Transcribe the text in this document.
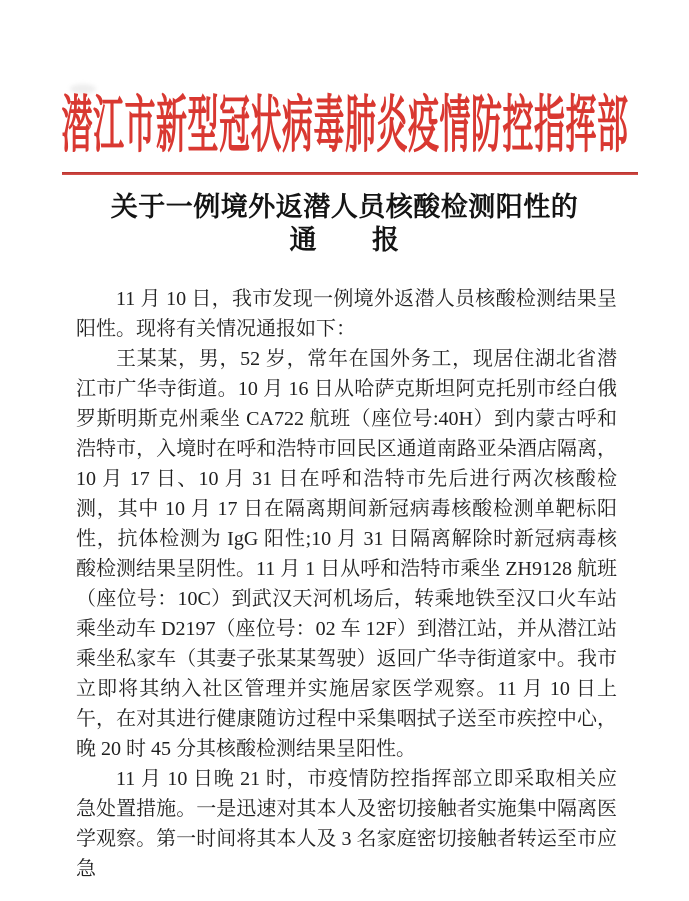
潜江市新型冠状病毒肺炎疫情防控指挥部
关于一例境外返潜人员核酸检测阳性的
通　　报

11 月 10 日，我市发现一例境外返潜人员核酸检测结果呈阳性。现将有关情况通报如下：

王某某，男，52 岁，常年在国外务工，现居住湖北省潜江市广华寺街道。10 月 16 日从哈萨克斯坦阿克托别市经白俄罗斯明斯克州乘坐 CA722 航班（座位号:40H）到内蒙古呼和浩特市，入境时在呼和浩特市回民区通道南路亚朵酒店隔离，10 月 17 日、10 月 31 日在呼和浩特市先后进行两次核酸检测，其中 10 月 17 日在隔离期间新冠病毒核酸检测单靶标阳性，抗体检测为 IgG 阳性;10 月 31 日隔离解除时新冠病毒核酸检测结果呈阴性。11 月 1 日从呼和浩特市乘坐 ZH9128 航班（座位号：10C）到武汉天河机场后，转乘地铁至汉口火车站乘坐动车 D2197（座位号：02 车 12F）到潜江站，并从潜江站乘坐私家车（其妻子张某某驾驶）返回广华寺街道家中。我市立即将其纳入社区管理并实施居家医学观察。11 月 10 日上午，在对其进行健康随访过程中采集咽拭子送至市疾控中心，晚 20 时 45 分其核酸检测结果呈阳性。

11 月 10 日晚 21 时，市疫情防控指挥部立即采取相关应急处置措施。一是迅速对其本人及密切接触者实施集中隔离医学观察。第一时间将其本人及 3 名家庭密切接触者转运至市应急
